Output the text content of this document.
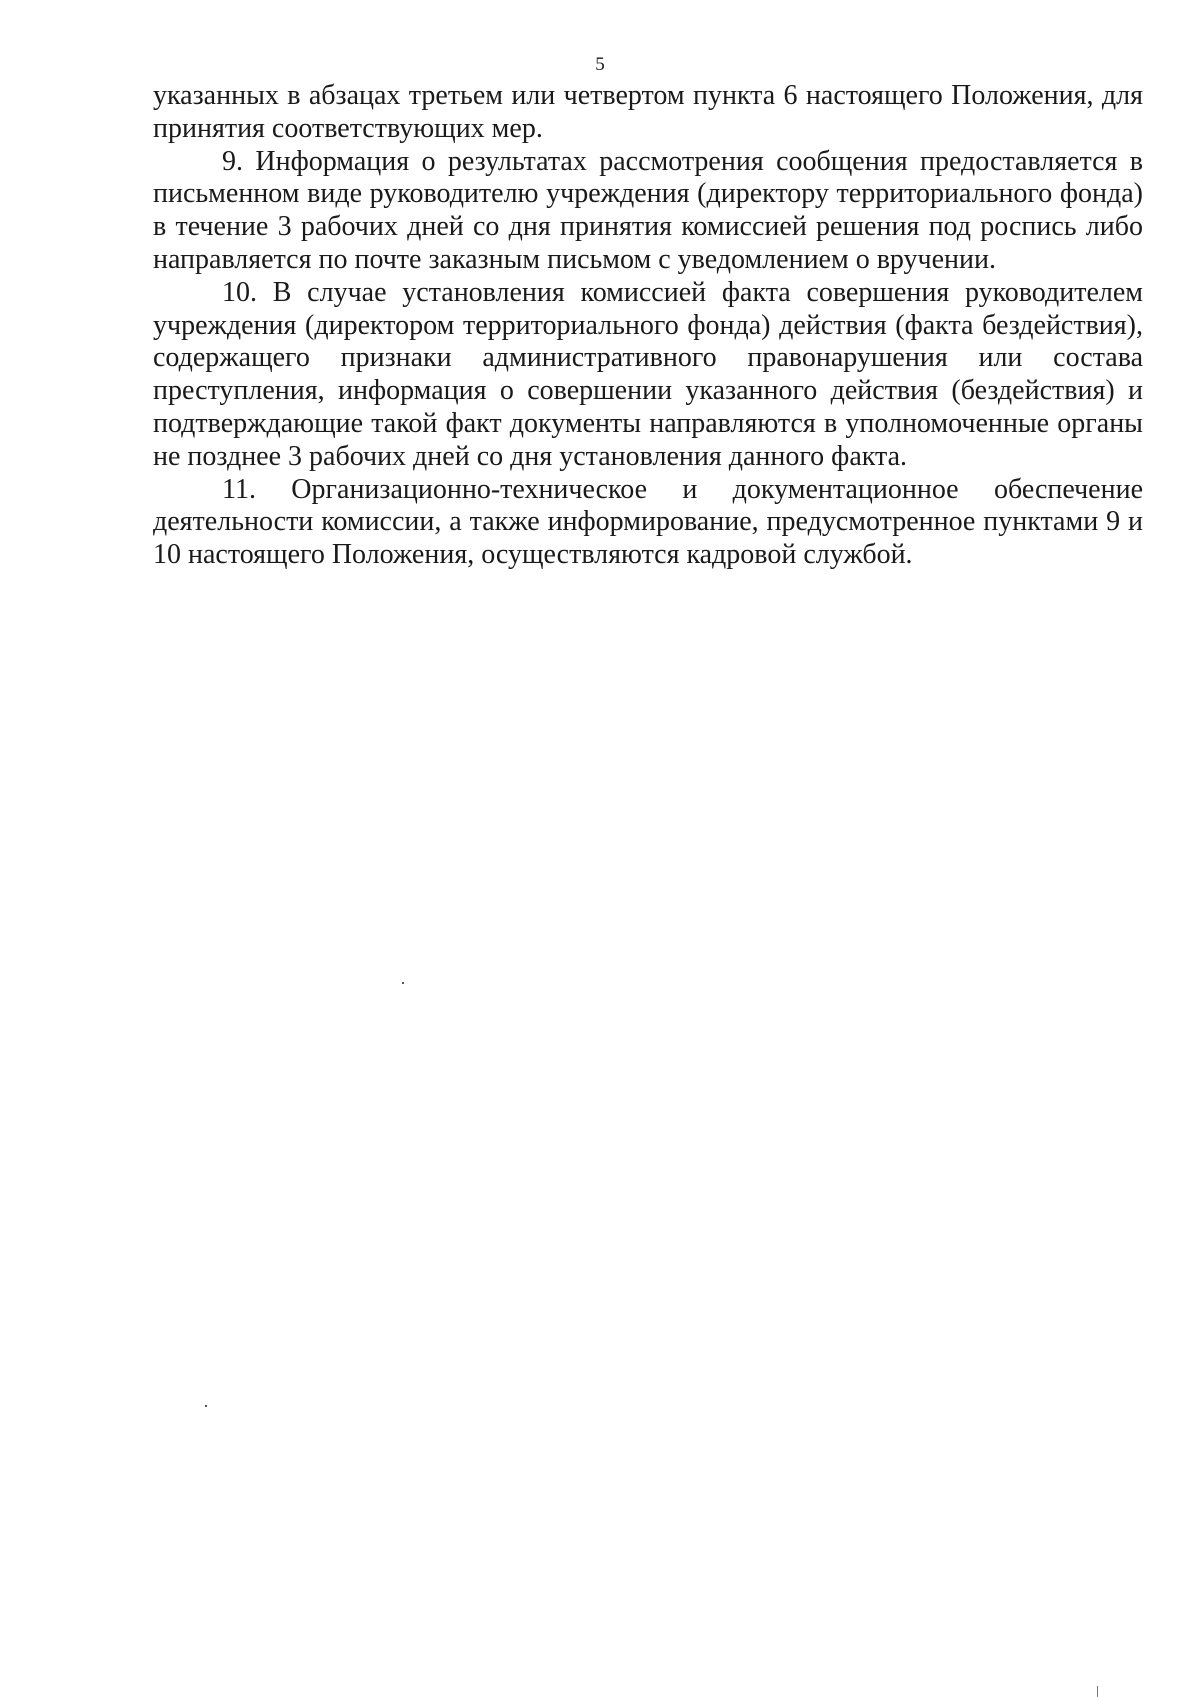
5

указанных в абзацах третьем или четвертом пункта 6 настоящего Положения, для принятия соответствующих мер.

9. Информация о результатах рассмотрения сообщения предоставляется в письменном виде руководителю учреждения (директору территориального фонда) в течение 3 рабочих дней со дня принятия комиссией решения под роспись либо направляется по почте заказным письмом с уведомлением о вручении.

10. В случае установления комиссией факта совершения руководителем учреждения (директором территориального фонда) действия (факта бездействия), содержащего признаки административного правонарушения или состава преступления, информация о совершении указанного действия (бездействия) и подтверждающие такой факт документы направляются в уполномоченные органы не позднее 3 рабочих дней со дня установления данного факта.

11. Организационно-техническое и документационное обеспечение деятельности комиссии, а также информирование, предусмотренное пунктами 9 и 10 настоящего Положения, осуществляются кадровой службой.
